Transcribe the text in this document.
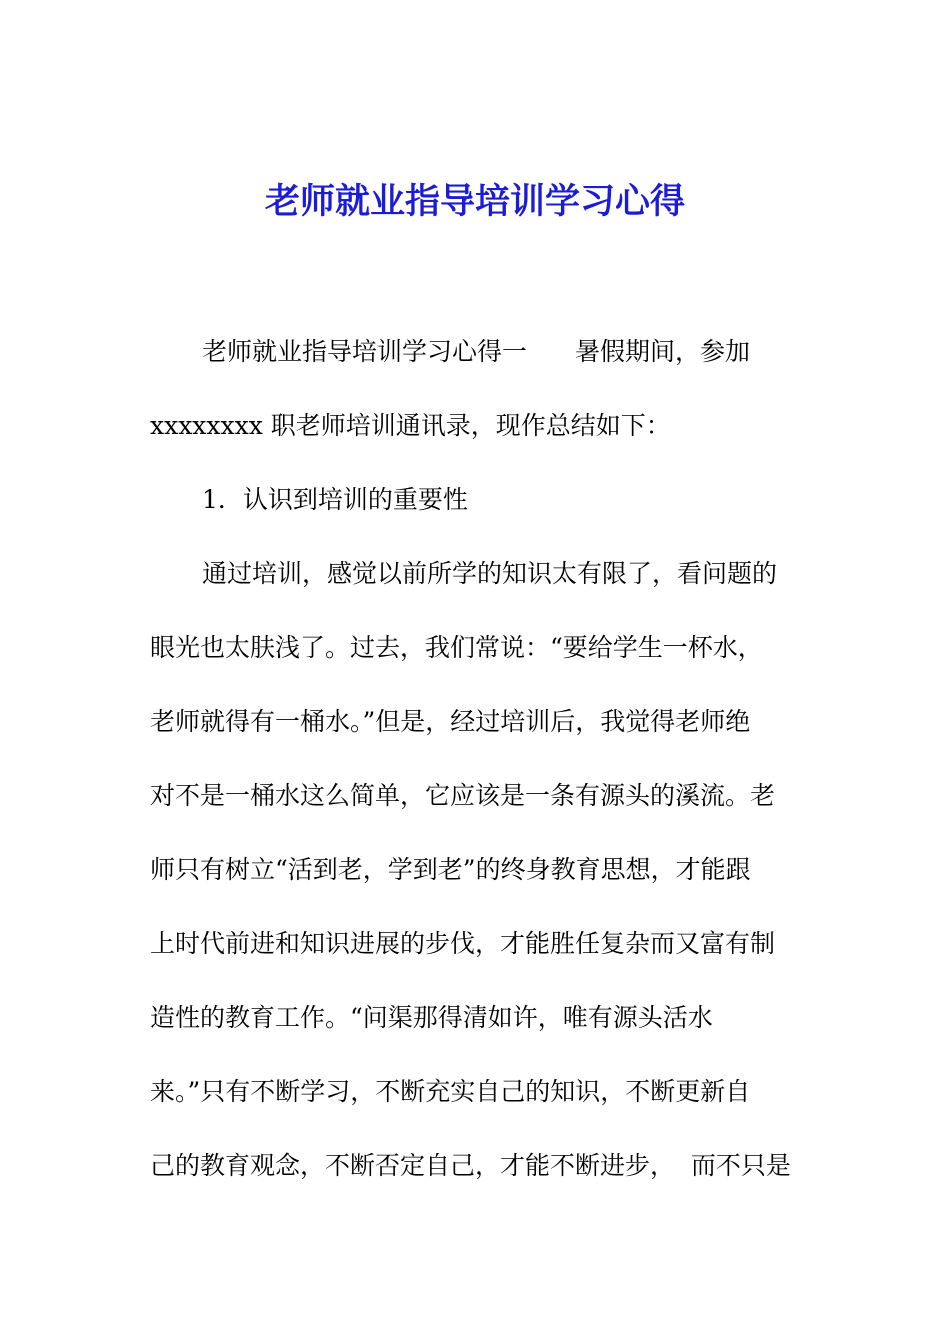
老师就业指导培训学习心得
老师就业指导培训学习心得一 暑假期间，参加
xxxxxxxx 职老师培训通讯录，现作总结如下：
1．认识到培训的重要性
通过培训，感觉以前所学的知识太有限了，看问题的
眼光也太肤浅了。过去，我们常说：“要给学生一杯水，
老师就得有一桶水。”但是，经过培训后，我觉得老师绝
对不是一桶水这么简单，它应该是一条有源头的溪流。老
师只有树立“活到老，学到老”的终身教育思想，才能跟
上时代前进和知识进展的步伐，才能胜任复杂而又富有制
造性的教育工作。“问渠那得清如许，唯有源头活水
来。”只有不断学习，不断充实自己的知识，不断更新自
己的教育观念，不断否定自己，才能不断进步，  而不只是
